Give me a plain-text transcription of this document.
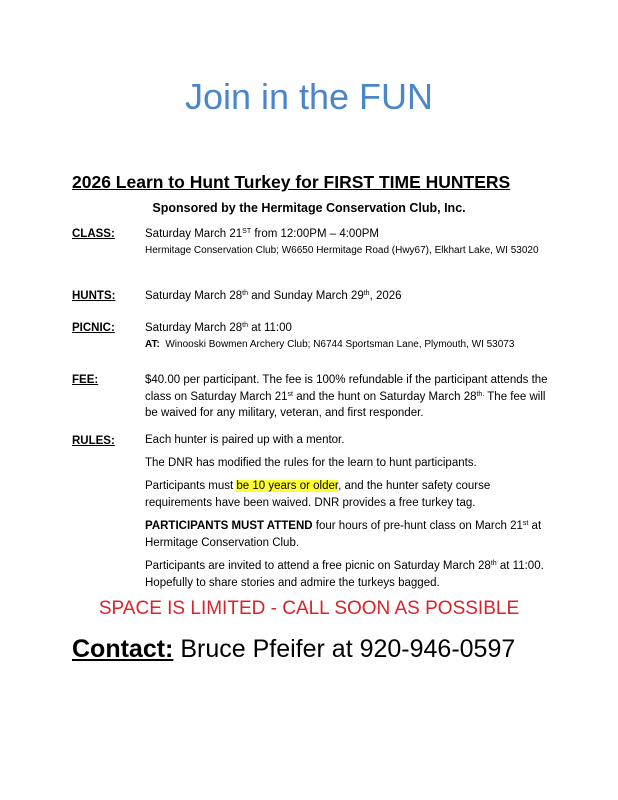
Join in the FUN
2026 Learn to Hunt Turkey for FIRST TIME HUNTERS
Sponsored by the Hermitage Conservation Club, Inc.
CLASS:	Saturday March 21ST from 12:00PM – 4:00PM
Hermitage Conservation Club; W6650 Hermitage Road (Hwy67), Elkhart Lake, WI 53020
HUNTS:	Saturday March 28th and Sunday March 29th, 2026
PICNIC:	Saturday March 28th at 11:00
AT:  Winooski Bowmen Archery Club; N6744 Sportsman Lane, Plymouth, WI 53073
FEE:	$40.00 per participant. The fee is 100% refundable if the participant attends the
class on Saturday March 21st and the hunt on Saturday March $28^{th.}$ The fee will
be waived for any military, veteran, and first responder.
RULES:	Each hunter is paired up with a mentor.
The DNR has modified the rules for the learn to hunt participants.
Participants must be 10 years or older, and the hunter safety course
requirements have been waived. DNR provides a free turkey tag.
PARTICIPANTS MUST ATTEND four hours of pre-hunt class on March 21st at
Hermitage Conservation Club.
Participants are invited to attend a free picnic on Saturday March 28th at 11:00.
Hopefully to share stories and admire the turkeys bagged.
SPACE IS LIMITED - CALL SOON AS POSSIBLE
Contact: Bruce Pfeifer at 920-946-0597
